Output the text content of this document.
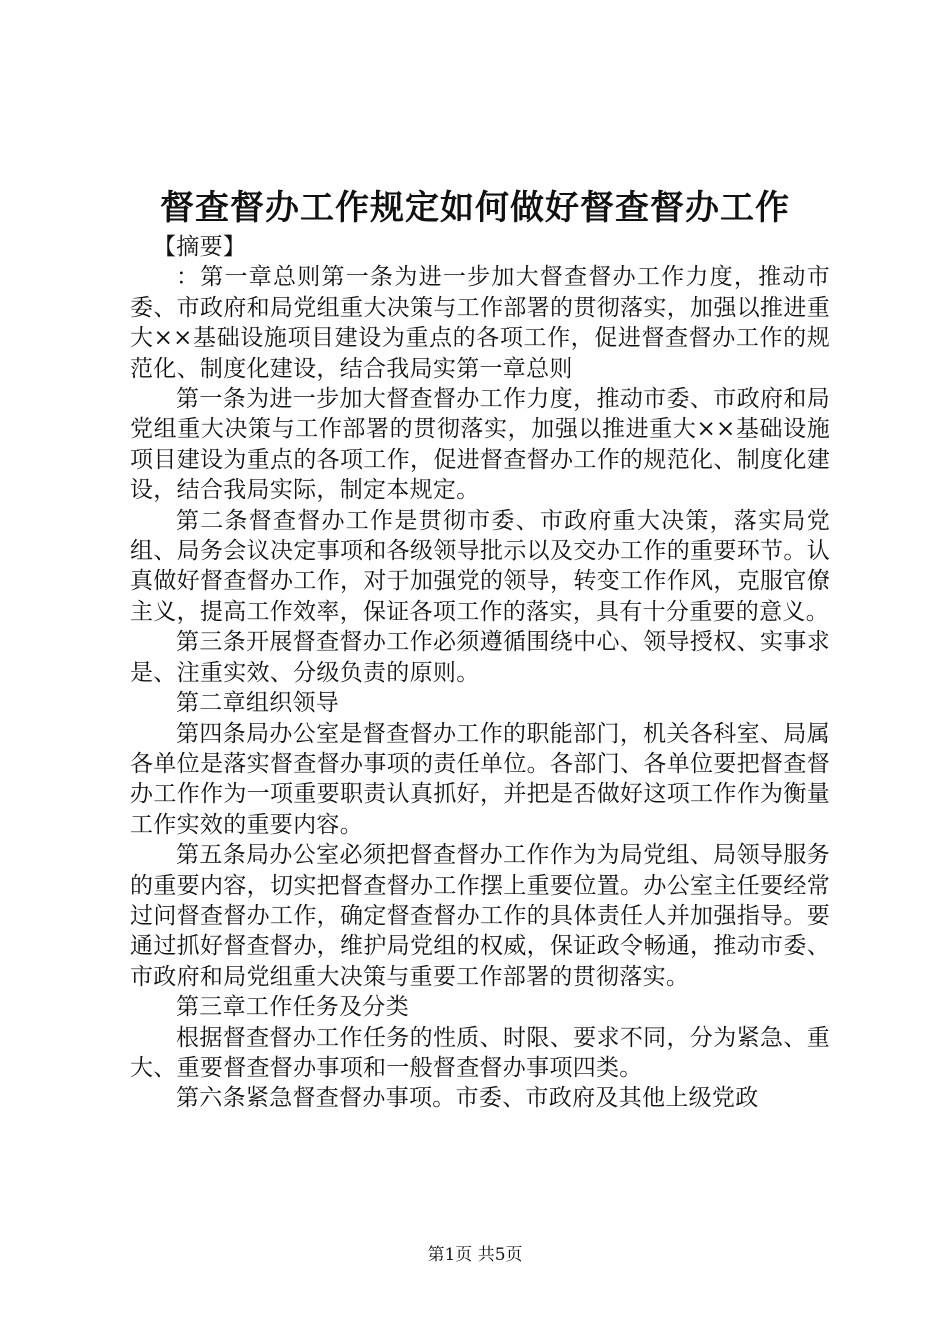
督查督办工作规定如何做好督查督办工作

【摘要】

：第一章总则第一条为进一步加大督查督办工作力度，推动市委、市政府和局党组重大决策与工作部署的贯彻落实，加强以推进重大××基础设施项目建设为重点的各项工作，促进督查督办工作的规范化、制度化建设，结合我局实第一章总则

第一条为进一步加大督查督办工作力度，推动市委、市政府和局党组重大决策与工作部署的贯彻落实，加强以推进重大××基础设施项目建设为重点的各项工作，促进督查督办工作的规范化、制度化建设，结合我局实际，制定本规定。

第二条督查督办工作是贯彻市委、市政府重大决策，落实局党组、局务会议决定事项和各级领导批示以及交办工作的重要环节。认真做好督查督办工作，对于加强党的领导，转变工作作风，克服官僚主义，提高工作效率，保证各项工作的落实，具有十分重要的意义。

第三条开展督查督办工作必须遵循围绕中心、领导授权、实事求是、注重实效、分级负责的原则。

第二章组织领导

第四条局办公室是督查督办工作的职能部门，机关各科室、局属各单位是落实督查督办事项的责任单位。各部门、各单位要把督查督办工作作为一项重要职责认真抓好，并把是否做好这项工作作为衡量工作实效的重要内容。

第五条局办公室必须把督查督办工作作为为局党组、局领导服务的重要内容，切实把督查督办工作摆上重要位置。办公室主任要经常过问督查督办工作，确定督查督办工作的具体责任人并加强指导。要通过抓好督查督办，维护局党组的权威，保证政令畅通，推动市委、市政府和局党组重大决策与重要工作部署的贯彻落实。

第三章工作任务及分类

根据督查督办工作任务的性质、时限、要求不同，分为紧急、重大、重要督查督办事项和一般督查督办事项四类。

第六条紧急督查督办事项。市委、市政府及其他上级党政

第1页 共5页
